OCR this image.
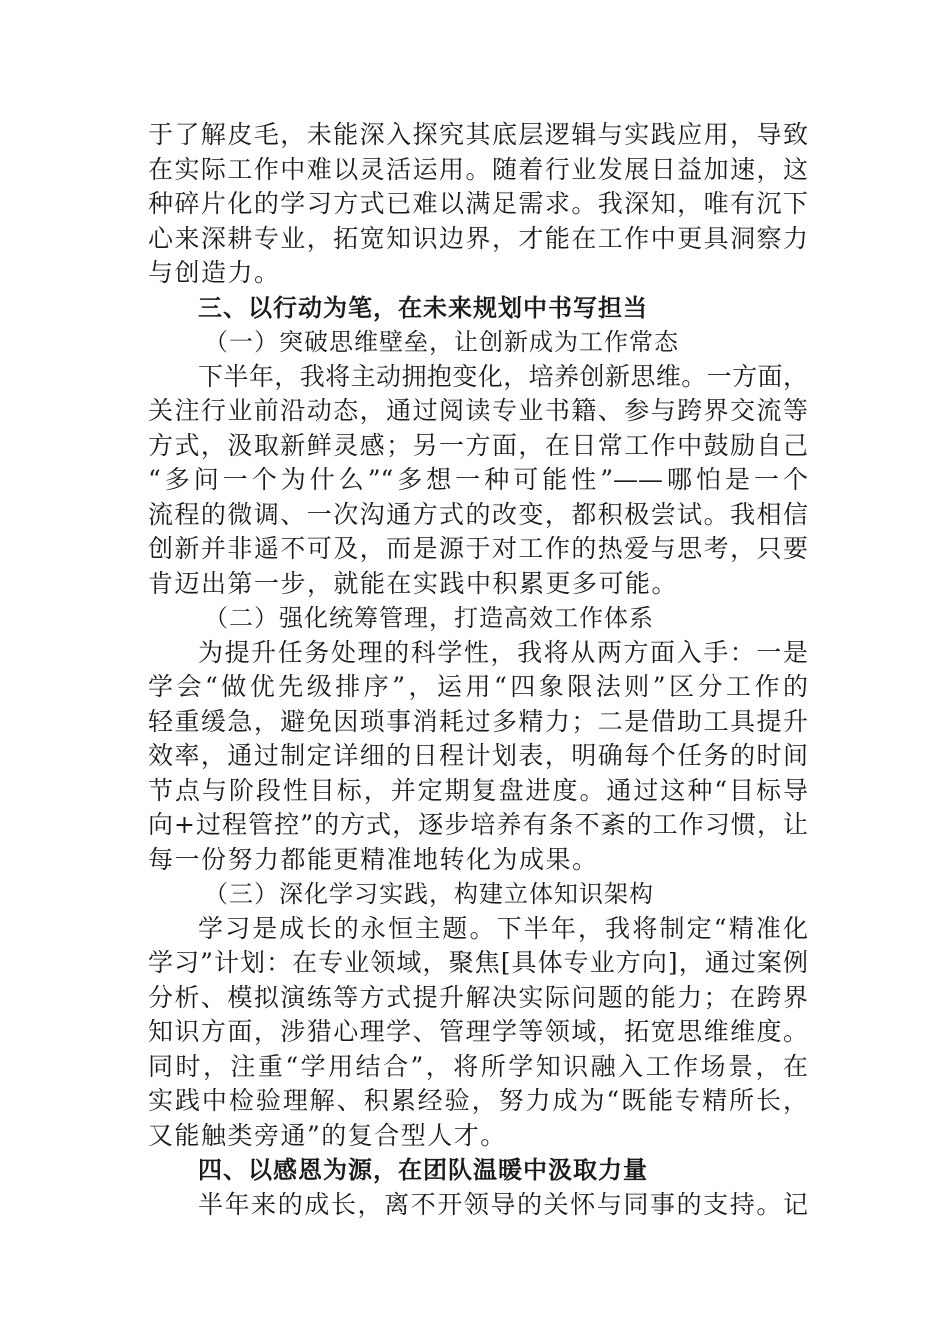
于了解皮毛，未能深入探究其底层逻辑与实践应用，导致
在实际工作中难以灵活运用。随着行业发展日益加速，这
种碎片化的学习方式已难以满足需求。我深知，唯有沉下
心来深耕专业，拓宽知识边界，才能在工作中更具洞察力
与创造力。
三、以行动为笔，在未来规划中书写担当
（一）突破思维壁垒，让创新成为工作常态
下半年，我将主动拥抱变化，培养创新思维。一方面，
关注行业前沿动态，通过阅读专业书籍、参与跨界交流等
方式，汲取新鲜灵感；另一方面，在日常工作中鼓励自己
“多问一个为什么”“多想一种可能性”——哪怕是一个
流程的微调、一次沟通方式的改变，都积极尝试。我相信
创新并非遥不可及，而是源于对工作的热爱与思考，只要
肯迈出第一步，就能在实践中积累更多可能。
（二）强化统筹管理，打造高效工作体系
为提升任务处理的科学性，我将从两方面入手：一是
学会“做优先级排序”，运用“四象限法则”区分工作的
轻重缓急，避免因琐事消耗过多精力；二是借助工具提升
效率，通过制定详细的日程计划表，明确每个任务的时间
节点与阶段性目标，并定期复盘进度。通过这种“目标导
向+过程管控”的方式，逐步培养有条不紊的工作习惯，让
每一份努力都能更精准地转化为成果。
（三）深化学习实践，构建立体知识架构
学习是成长的永恒主题。下半年，我将制定“精准化
学习”计划：在专业领域，聚焦[具体专业方向]，通过案例
分析、模拟演练等方式提升解决实际问题的能力；在跨界
知识方面，涉猎心理学、管理学等领域，拓宽思维维度。
同时，注重“学用结合”，将所学知识融入工作场景，在
实践中检验理解、积累经验，努力成为“既能专精所长，
又能触类旁通”的复合型人才。
四、以感恩为源，在团队温暖中汲取力量
半年来的成长，离不开领导的关怀与同事的支持。记
